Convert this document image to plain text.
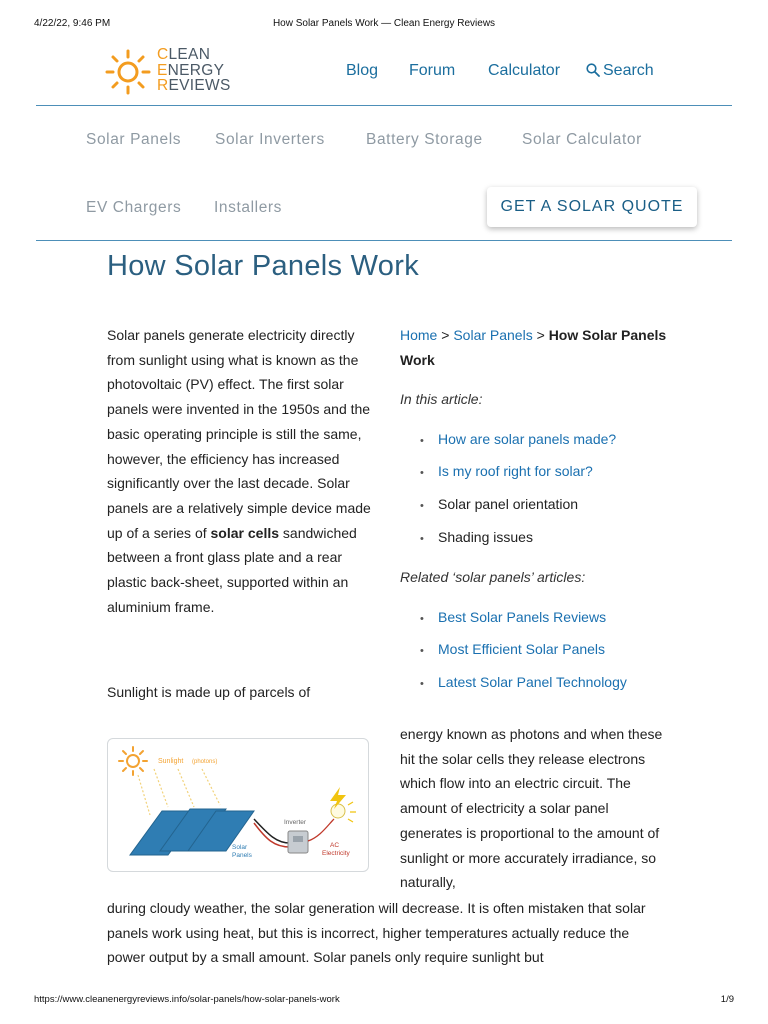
4/22/22, 9:46 PM	How Solar Panels Work — Clean Energy Reviews
CLEAN
ENERGY
REVIEWS
Blog Forum Calculator	Search
Solar Panels Solar Inverters	Battery Storage	Solar Calculator
EV Chargers Installers	GET A SOLAR QUOTE
How Solar Panels Work
Solar panels generate electricity directly from sunlight using what is known as the photovoltaic (PV) effect. The first solar panels were invented in the 1950s and the basic operating principle is still the same, however, the efficiency has increased significantly over the last decade. Solar panels are a relatively simple device made up of a series of solar cells sandwiched between a front glass plate and a rear plastic back-sheet, supported within an aluminium frame.
Sunlight is made up of parcels of
Home > Solar Panels > How Solar Panels Work
In this article:
• How are solar panels made?
• Is my roof right for solar?
• Solar panel orientation
• Shading issues
Related ‘solar panels’ articles:
• Best Solar Panels Reviews
• Most Efficient Solar Panels
• Latest Solar Panel Technology
Sunlight (photons)
Solar
Panels
Inverter
AC
Electricity
energy known as photons and when these hit the solar cells they release electrons which flow into an electric circuit. The amount of electricity a solar panel generates is proportional to the amount of sunlight or more accurately irradiance, so naturally,
during cloudy weather, the solar generation will decrease. It is often mistaken that solar panels work using heat, but this is incorrect, higher temperatures actually reduce the power output by a small amount. Solar panels only require sunlight but
https://www.cleanenergyreviews.info/solar-panels/how-solar-panels-work	1/9
